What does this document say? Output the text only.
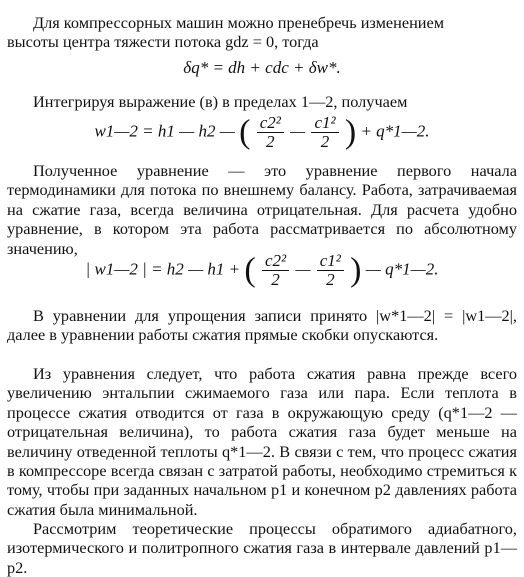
Для компрессорных машин можно пренебречь изменением
высоты центра тяжести потока gdz = 0, тогда

δq* = dh + cdc + δw*.

Интегрируя выражение (в) в пределах 1—2, получаем

w1—2 = h1 — h2 — ( $\frac{\text{c2²}}{2}$ — $\frac{\text{c1²}}{2}$ ) + q*1—2.

Полученное уравнение — это уравнение первого начала термодинамики для потока по внешнему балансу. Работа, затрачиваемая на сжатие газа, всегда величина отрицательная. Для расчета удобно уравнение, в котором эта работа рассматривается по абсолютному значению,

| w1—2 | = h2 — h1 + ( $\frac{\text{c2²}}{2}$ — $\frac{\text{c1²}}{2}$ ) — q*1—2.

В уравнении для упрощения записи принято |w*1—2| = |w1—2|, далее в уравнении работы сжатия прямые скобки опускаются.

Из уравнения следует, что работа сжатия равна прежде всего увеличению энтальпии сжимаемого газа или пара. Если теплота в процессе сжатия отводится от газа в окружающую среду (q*1—2 — отрицательная величина), то работа сжатия газа будет меньше на величину отведенной теплоты q*1—2. В связи с тем, что процесс сжатия в компрессоре всегда связан с затратой работы, необходимо стремиться к тому, чтобы при заданных начальном p1 и конечном p2 давлениях работа сжатия была минимальной.

Рассмотрим теоретические процессы обратимого адиабатного, изотермического и политропного сжатия газа в интервале давлений p1—p2.
